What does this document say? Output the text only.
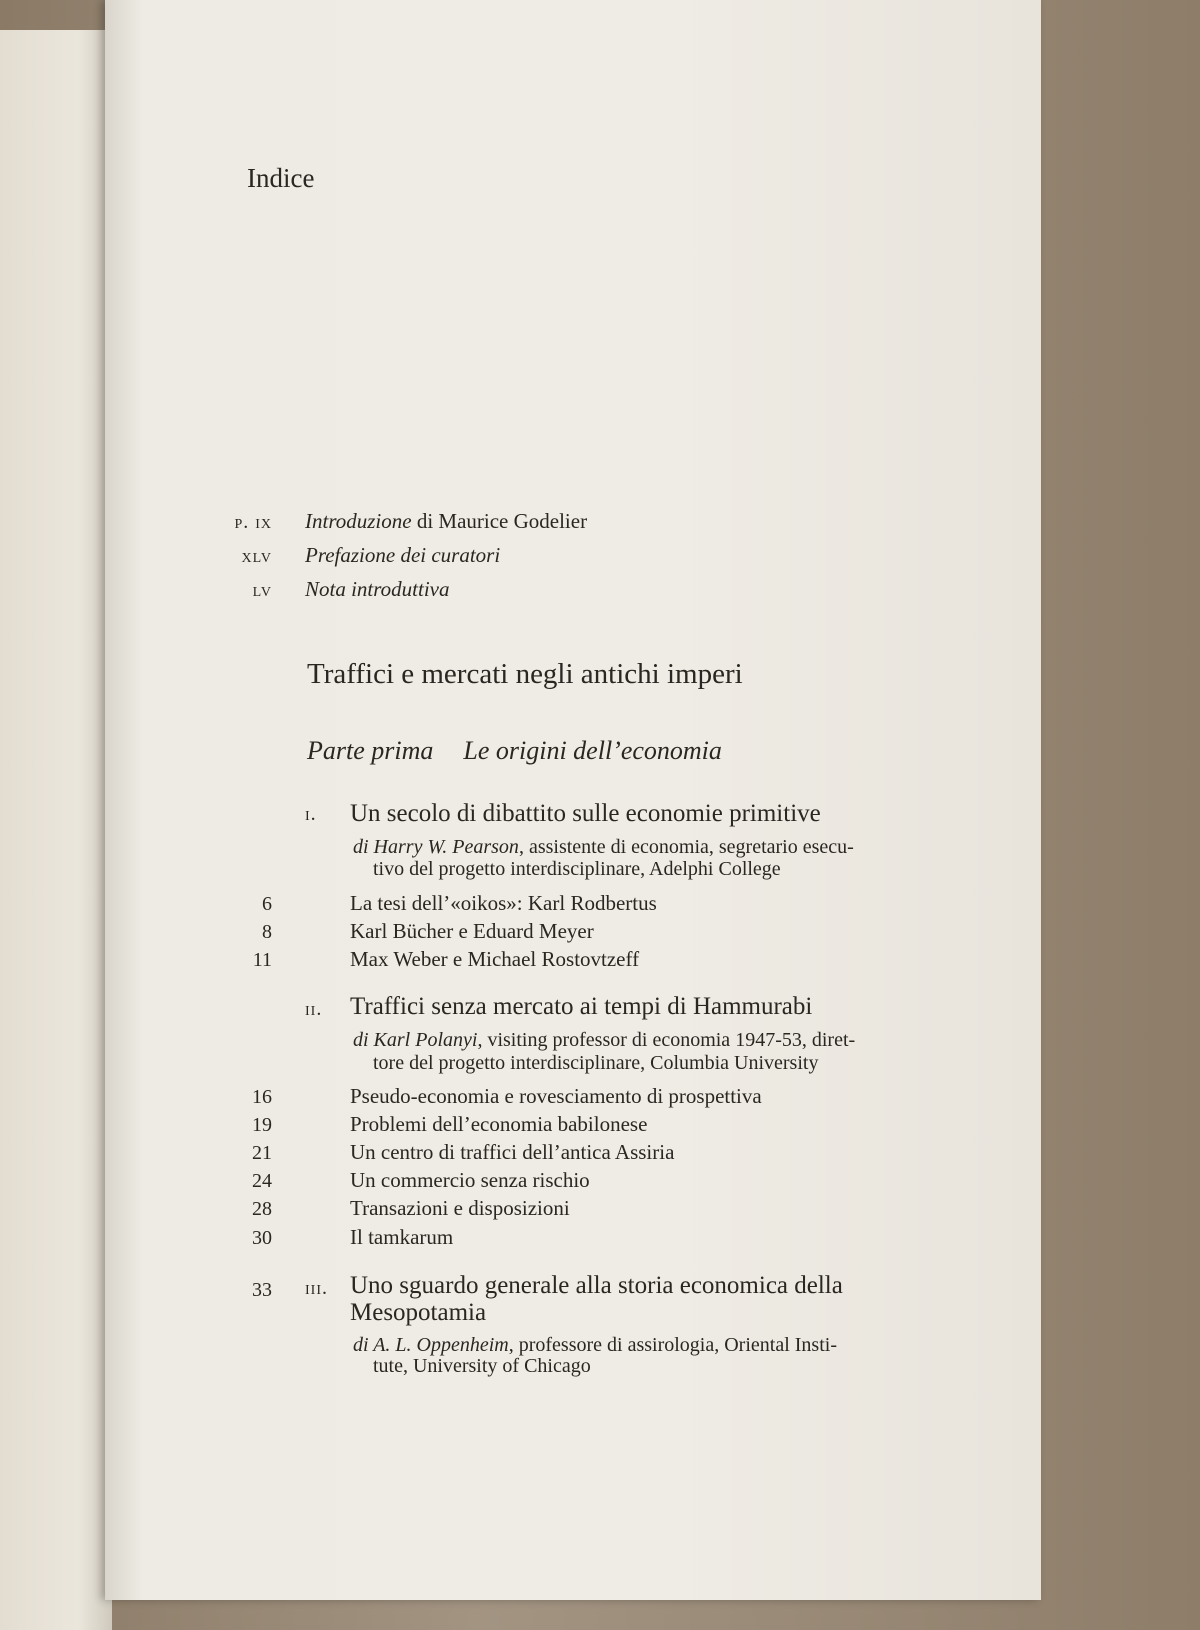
Indice
p. ix Introduzione di Maurice Godelier
xlv Prefazione dei curatori
lv Nota introduttiva
Traffici e mercati negli antichi imperi
Parte prima Le origini dell’economia
i. Un secolo di dibattito sulle economie primitive
di Harry W. Pearson, assistente di economia, segretario esecu-
tivo del progetto interdisciplinare, Adelphi College
6	La tesi dell’«oikos»: Karl Rodbertus
8	Karl Bücher e Eduard Meyer
11	Max Weber e Michael Rostovtzeff
ii. Traffici senza mercato ai tempi di Hammurabi
di Karl Polanyi, visiting professor di economia 1947-53, diret-
tore del progetto interdisciplinare, Columbia University
16	Pseudo-economia e rovesciamento di prospettiva
19	Problemi dell’economia babilonese
21	Un centro di traffici dell’antica Assiria
24	Un commercio senza rischio
28	Transazioni e disposizioni
30	Il tamkarum
33 iii. Uno sguardo generale alla storia economica della
Mesopotamia
di A. L. Oppenheim, professore di assirologia, Oriental Insti-
tute, University of Chicago
